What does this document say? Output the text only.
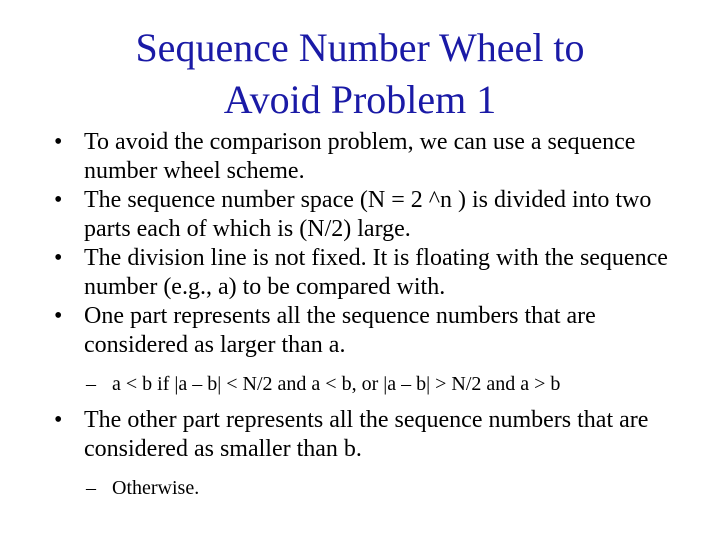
Sequence Number Wheel to
Avoid Problem 1
• To avoid the comparison problem, we can use a sequence number wheel scheme.
• The sequence number space (N = 2 ^n ) is divided into two parts each of which is (N/2) large.
• The division line is not fixed. It is floating with the sequence number (e.g., a) to be compared with.
• One part represents all the sequence numbers that are considered as larger than a.
– a < b if |a – b| < N/2 and a < b, or |a – b| > N/2 and a > b
• The other part represents all the sequence numbers that are considered as smaller than b.
– Otherwise.
